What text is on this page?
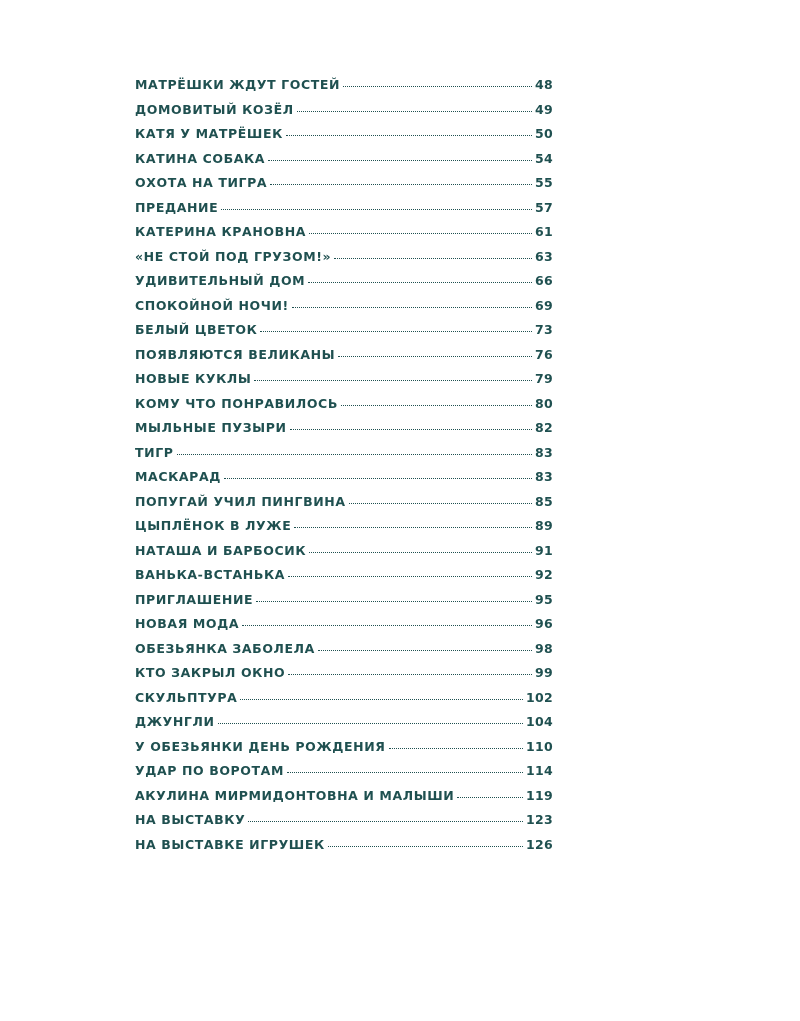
МАТРЁШКИ ЖДУТ ГОСТЕЙ	48
ДОМОВИТЫЙ КОЗЁЛ	49
КАТЯ У МАТРЁШЕК	50
КАТИНА СОБАКА	54
ОХОТА НА ТИГРА	55
ПРЕДАНИЕ	57
КАТЕРИНА КРАНОВНА	61
«НЕ СТОЙ ПОД ГРУЗОМ!»	63
УДИВИТЕЛЬНЫЙ ДОМ	66
СПОКОЙНОЙ НОЧИ!	69
БЕЛЫЙ ЦВЕТОК	73
ПОЯВЛЯЮТСЯ ВЕЛИКАНЫ	76
НОВЫЕ КУКЛЫ	79
КОМУ ЧТО ПОНРАВИЛОСЬ	80
МЫЛЬНЫЕ ПУЗЫРИ	82
ТИГР	83
МАСКАРАД	83
ПОПУГАЙ УЧИЛ ПИНГВИНА	85
ЦЫПЛЁНОК В ЛУЖЕ	89
НАТАША И БАРБОСИК	91
ВАНЬКА-ВСТАНЬКА	92
ПРИГЛАШЕНИЕ	95
НОВАЯ МОДА	96
ОБЕЗЬЯНКА ЗАБОЛЕЛА	98
КТО ЗАКРЫЛ ОКНО	99
СКУЛЬПТУРА	102
ДЖУНГЛИ	104
У ОБЕЗЬЯНКИ ДЕНЬ РОЖДЕНИЯ	110
УДАР ПО ВОРОТАМ	114
АКУЛИНА МИРМИДОНТОВНА И МАЛЫШИ	119
НА ВЫСТАВКУ	123
НА ВЫСТАВКЕ ИГРУШЕК	126
